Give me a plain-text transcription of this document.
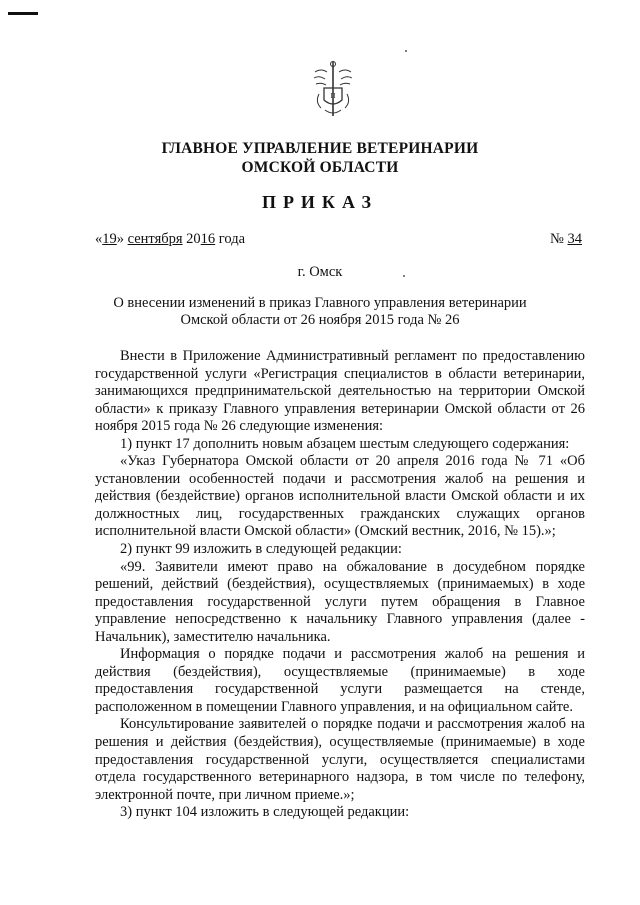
П
ГЛАВНОЕ УПРАВЛЕНИЕ ВЕТЕРИНАРИИ
ОМСКОЙ ОБЛАСТИ
ПРИКАЗ
«19» сентября 2016 года	№ 34
г. Омск
О внесении изменений в приказ Главного управления ветеринарии
Омской области от 26 ноября 2015 года № 26

Внести в Приложение Административный регламент по предоставлению государственной услуги «Регистрация специалистов в области ветеринарии, занимающихся предпринимательской деятельностью на территории Омской области» к приказу Главного управления ветеринарии Омской области от 26 ноября 2015 года № 26 следующие изменения:

1) пункт 17 дополнить новым абзацем шестым следующего содержания:

«Указ Губернатора Омской области от 20 апреля 2016 года № 71 «Об установлении особенностей подачи и рассмотрения жалоб на решения и действия (бездействие) органов исполнительной власти Омской области и их должностных лиц, государственных гражданских служащих органов исполнительной власти Омской области» (Омский вестник, 2016, № 15).»;

2) пункт 99 изложить в следующей редакции:

«99. Заявители имеют право на обжалование в досудебном порядке решений, действий (бездействия), осуществляемых (принимаемых) в ходе предоставления государственной услуги путем обращения в Главное управление непосредственно к начальнику Главного управления (далее - Начальник), заместителю начальника.

Информация о порядке подачи и рассмотрения жалоб на решения и действия (бездействия), осуществляемые (принимаемые) в ходе предоставления государственной услуги размещается на стенде, расположенном в помещении Главного управления, и на официальном сайте.

Консультирование заявителей о порядке подачи и рассмотрения жалоб на решения и действия (бездействия), осуществляемые (принимаемые) в ходе предоставления государственной услуги, осуществляется специалистами отдела государственного ветеринарного надзора, в том числе по телефону, электронной почте, при личном приеме.»;

3) пункт 104 изложить в следующей редакции:
